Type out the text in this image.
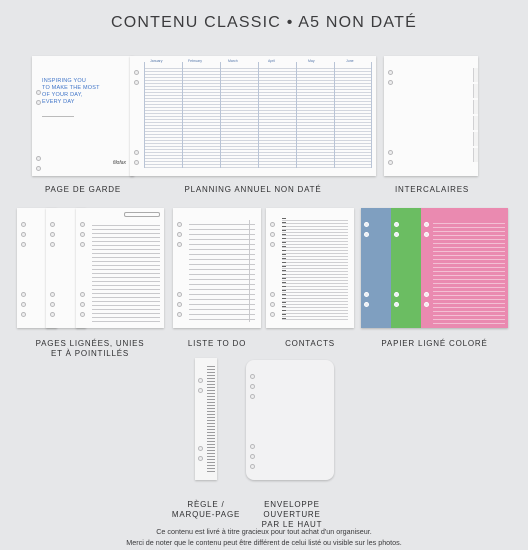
CONTENU CLASSIC • A5 NON DATÉ
INSPIRING YOU
TO MAKE THE MOST
OF YOUR DAY,
EVERY DAY
filofax
PAGE DE GARDE
January	February	March	April	May	June
PLANNING ANNUEL NON DATÉ	INTERCALAIRES
PAGES LIGNÉES, UNIES
ET À POINTILLÉS
LISTE TO DO	CONTACTS	PAPIER LIGNÉ COLORÉ
RÈGLE /
MARQUE-PAGE
ENVELOPPE OUVERTURE
PAR LE HAUT
Ce contenu est livré à titre gracieux pour tout achat d'un organiseur.
Merci de noter que le contenu peut être différent de celui listé ou visible sur les photos.
